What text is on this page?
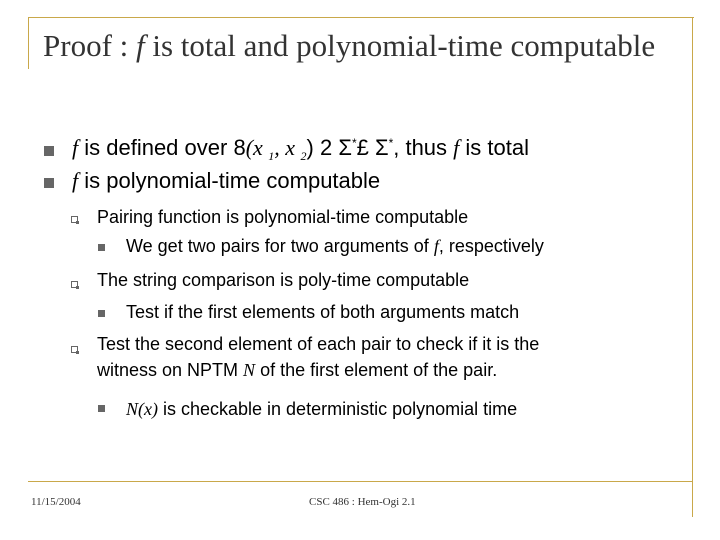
Proof : f is total and polynomial-time computable
f is defined over 8(x $_1$, x $_2$) 2 Σ*£ Σ*, thus f is total
f is polynomial-time computable
Pairing function is polynomial-time computable
We get two pairs for two arguments of f, respectively
The string comparison is poly-time computable
Test if the first elements of both arguments match
Test the second element of each pair to check if it is the
witness on NPTM N of the first element of the pair.
N(x) is checkable in deterministic polynomial time
11/15/2004	CSC 486 : Hem-Ogi 2.1
